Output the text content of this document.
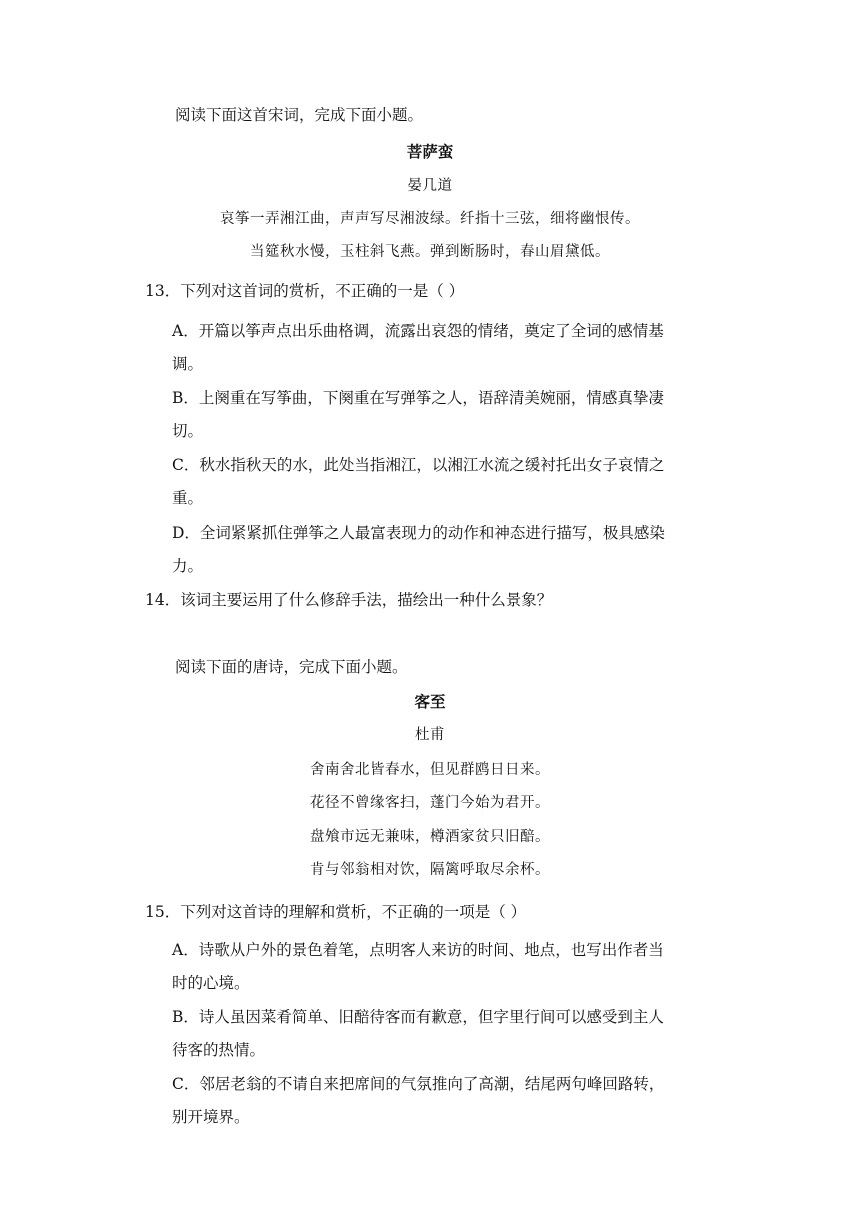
阅读下面这首宋词，完成下面小题。
菩萨蛮
晏几道
哀筝一弄湘江曲，声声写尽湘波绿。纤指十三弦，细将幽恨传。
当筵秋水慢，玉柱斜飞燕。弹到断肠时，春山眉黛低。
13．下列对这首词的赏析，不正确的一是（ ）
A．开篇以筝声点出乐曲格调，流露出哀怨的情绪，奠定了全词的感情基
调。
B．上阕重在写筝曲，下阕重在写弹筝之人，语辞清美婉丽，情感真挚凄
切。
C．秋水指秋天的水，此处当指湘江，以湘江水流之缓衬托出女子哀情之
重。
D．全词紧紧抓住弹筝之人最富表现力的动作和神态进行描写，极具感染
力。
14．该词主要运用了什么修辞手法，描绘出一种什么景象？
阅读下面的唐诗，完成下面小题。
客至
杜甫
舍南舍北皆春水，但见群鸥日日来。
花径不曾缘客扫，蓬门今始为君开。
盘飧市远无兼味，樽酒家贫只旧醅。
肯与邻翁相对饮，隔篱呼取尽余杯。
15．下列对这首诗的理解和赏析，不正确的一项是（ ）
A．诗歌从户外的景色着笔，点明客人来访的时间、地点，也写出作者当
时的心境。
B．诗人虽因菜肴简单、旧醅待客而有歉意，但字里行间可以感受到主人
待客的热情。
C．邻居老翁的不请自来把席间的气氛推向了高潮，结尾两句峰回路转，
别开境界。
